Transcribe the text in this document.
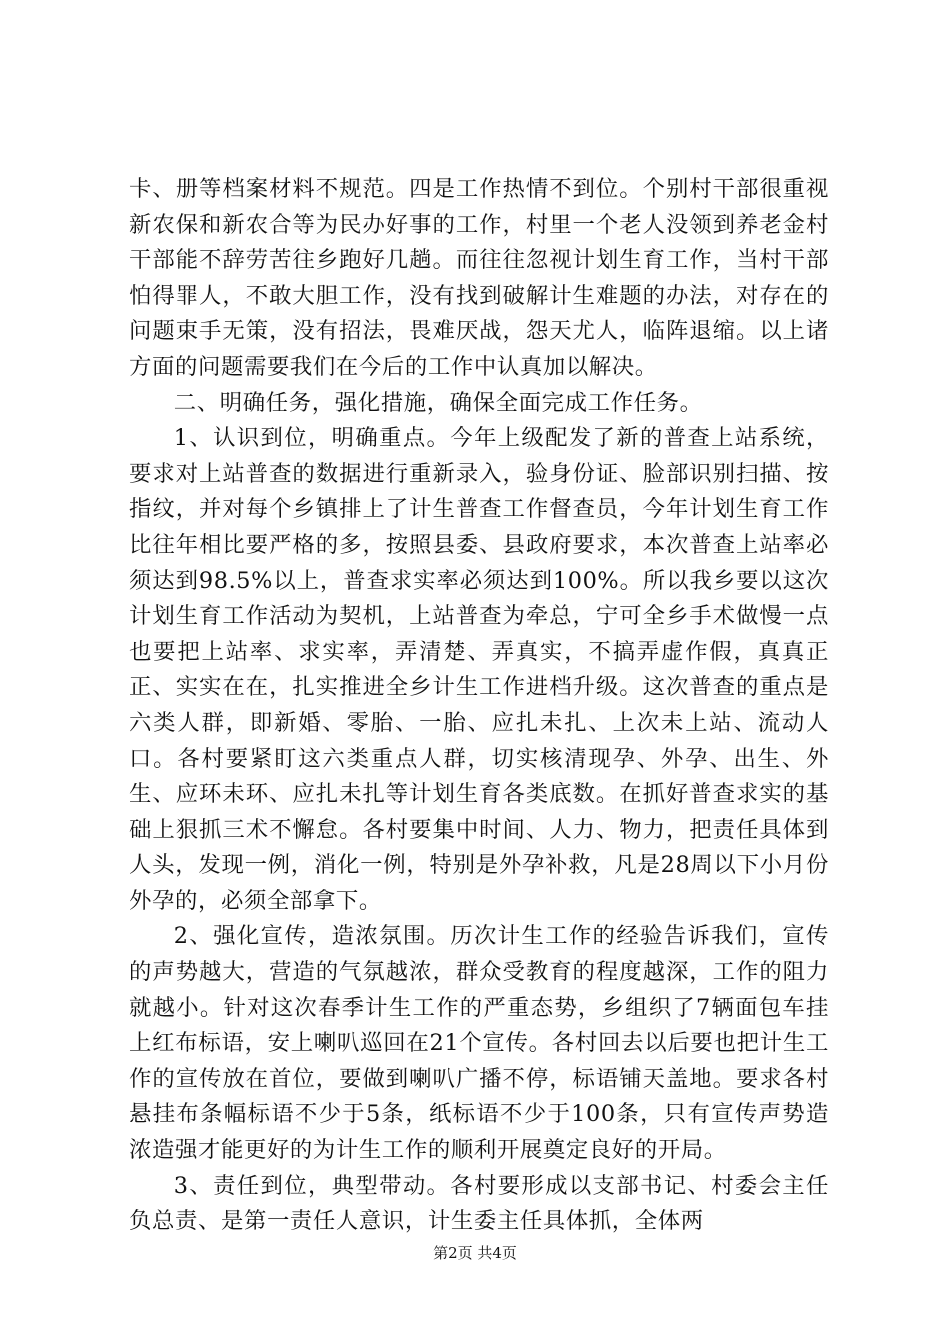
卡、册等档案材料不规范。四是工作热情不到位。个别村干部很重视新农保和新农合等为民办好事的工作，村里一个老人没领到养老金村干部能不辞劳苦往乡跑好几趟。而往往忽视计划生育工作，当村干部怕得罪人，不敢大胆工作，没有找到破解计生难题的办法，对存在的问题束手无策，没有招法，畏难厌战，怨天尤人，临阵退缩。以上诸方面的问题需要我们在今后的工作中认真加以解决。

二、明确任务，强化措施，确保全面完成工作任务。

1、认识到位，明确重点。今年上级配发了新的普查上站系统，要求对上站普查的数据进行重新录入，验身份证、脸部识别扫描、按指纹，并对每个乡镇排上了计生普查工作督查员，今年计划生育工作比往年相比要严格的多，按照县委、县政府要求，本次普查上站率必须达到98.5%以上，普查求实率必须达到100%。所以我乡要以这次计划生育工作活动为契机，上站普查为牵总，宁可全乡手术做慢一点也要把上站率、求实率，弄清楚、弄真实，不搞弄虚作假，真真正正、实实在在，扎实推进全乡计生工作进档升级。这次普查的重点是六类人群，即新婚、零胎、一胎、应扎未扎、上次未上站、流动人口。各村要紧盯这六类重点人群，切实核清现孕、外孕、出生、外生、应环未环、应扎未扎等计划生育各类底数。在抓好普查求实的基础上狠抓三术不懈怠。各村要集中时间、人力、物力，把责任具体到人头，发现一例，消化一例，特别是外孕补救，凡是28周以下小月份外孕的，必须全部拿下。

2、强化宣传，造浓氛围。历次计生工作的经验告诉我们，宣传的声势越大，营造的气氛越浓，群众受教育的程度越深，工作的阻力就越小。针对这次春季计生工作的严重态势，乡组织了7辆面包车挂上红布标语，安上喇叭巡回在21个宣传。各村回去以后要也把计生工作的宣传放在首位，要做到喇叭广播不停，标语铺天盖地。要求各村悬挂布条幅标语不少于5条，纸标语不少于100条，只有宣传声势造浓造强才能更好的为计生工作的顺利开展奠定良好的开局。

3、责任到位，典型带动。各村要形成以支部书记、村委会主任负总责、是第一责任人意识，计生委主任具体抓，全体两

第2页 共4页
